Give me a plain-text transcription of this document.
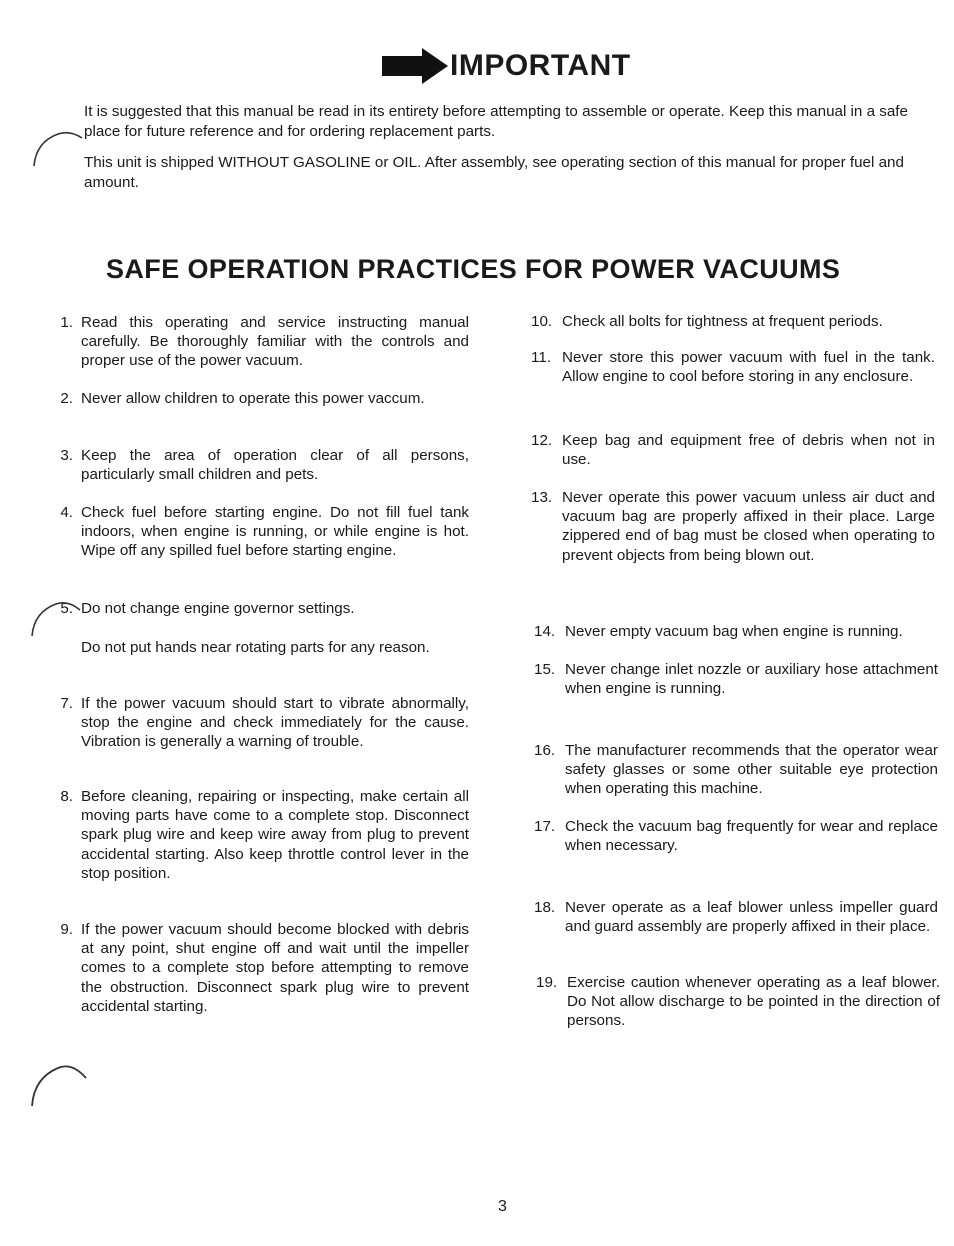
IMPORTANT

It is suggested that this manual be read in its entirety before attempting to assemble or operate. Keep this manual in a safe place for future reference and for ordering replacement parts.

This unit is shipped WITHOUT GASOLINE or OIL. After assembly, see operating section of this manual for proper fuel and amount.

SAFE OPERATION PRACTICES FOR POWER VACUUMS
1. Read this operating and service instructing manual carefully. Be thoroughly familiar with the controls and proper use of the power vacuum.
2. Never allow children to operate this power vaccum.
3. Keep the area of operation clear of all persons, particularly small children and pets.
4. Check fuel before starting engine. Do not fill fuel tank indoors, when engine is running, or while engine is hot. Wipe off any spilled fuel before starting engine.
5. Do not change engine governor settings.
Do not put hands near rotating parts for any reason.
7. If the power vacuum should start to vibrate abnormally, stop the engine and check immediately for the cause. Vibration is generally a warning of trouble.
8. Before cleaning, repairing or inspecting, make certain all moving parts have come to a complete stop. Disconnect spark plug wire and keep wire away from plug to prevent accidental starting. Also keep throttle control lever in the stop position.
9. If the power vacuum should become blocked with debris at any point, shut engine off and wait until the impeller comes to a complete stop before attempting to remove the obstruction. Disconnect spark plug wire to prevent accidental starting.
10. Check all bolts for tightness at frequent periods.
11. Never store this power vacuum with fuel in the tank. Allow engine to cool before storing in any enclosure.
12. Keep bag and equipment free of debris when not in use.
13. Never operate this power vacuum unless air duct and vacuum bag are properly affixed in their place. Large zippered end of bag must be closed when operating to prevent objects from being blown out.
14. Never empty vacuum bag when engine is running.
15. Never change inlet nozzle or auxiliary hose attachment when engine is running.
16. The manufacturer recommends that the operator wear safety glasses or some other suitable eye protection when operating this machine.
17. Check the vacuum bag frequently for wear and replace when necessary.
18. Never operate as a leaf blower unless impeller guard and guard assembly are properly affixed in their place.
19. Exercise caution whenever operating as a leaf blower. Do Not allow discharge to be pointed in the direction of persons.
3
